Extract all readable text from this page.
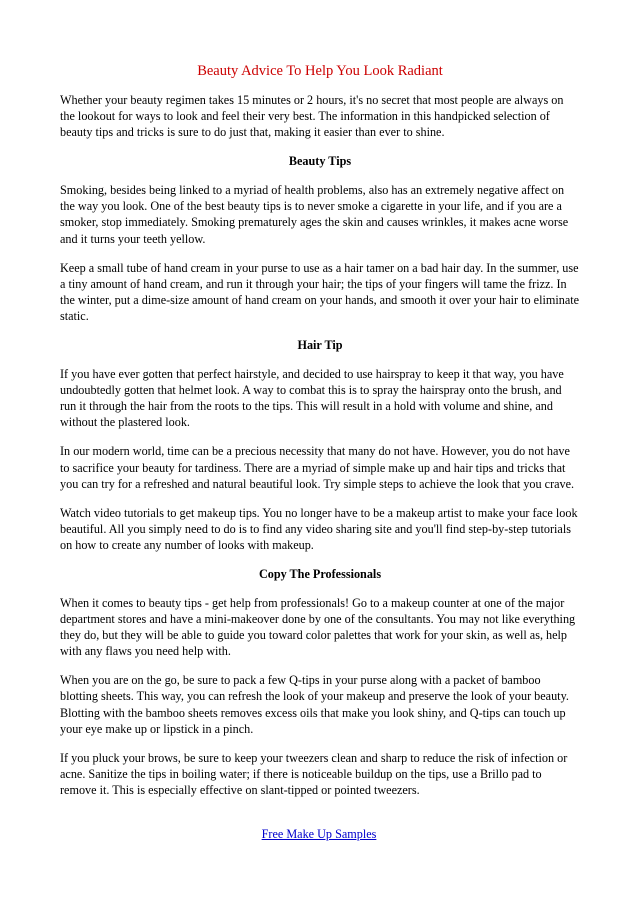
Beauty Advice To Help You Look Radiant

Whether your beauty regimen takes 15 minutes or 2 hours, it's no secret that most people are always on the lookout for ways to look and feel their very best. The information in this handpicked selection of beauty tips and tricks is sure to do just that, making it easier than ever to shine.

Beauty Tips

Smoking, besides being linked to a myriad of health problems, also has an extremely negative affect on the way you look. One of the best beauty tips is to never smoke a cigarette in your life, and if you are a smoker, stop immediately. Smoking prematurely ages the skin and causes wrinkles, it makes acne worse and it turns your teeth yellow.

Keep a small tube of hand cream in your purse to use as a hair tamer on a bad hair day. In the summer, use a tiny amount of hand cream, and run it through your hair; the tips of your fingers will tame the frizz. In the winter, put a dime-size amount of hand cream on your hands, and smooth it over your hair to eliminate static.

Hair Tip

If you have ever gotten that perfect hairstyle, and decided to use hairspray to keep it that way, you have undoubtedly gotten that helmet look. A way to combat this is to spray the hairspray onto the brush, and run it through the hair from the roots to the tips. This will result in a hold with volume and shine, and without the plastered look.

In our modern world, time can be a precious necessity that many do not have. However, you do not have to sacrifice your beauty for tardiness. There are a myriad of simple make up and hair tips and tricks that you can try for a refreshed and natural beautiful look. Try simple steps to achieve the look that you crave.

Watch video tutorials to get makeup tips. You no longer have to be a makeup artist to make your face look beautiful. All you simply need to do is to find any video sharing site and you'll find step-by-step tutorials on how to create any number of looks with makeup.

Copy The Professionals

When it comes to beauty tips - get help from professionals! Go to a makeup counter at one of the major department stores and have a mini-makeover done by one of the consultants. You may not like everything they do, but they will be able to guide you toward color palettes that work for your skin, as well as, help with any flaws you need help with.

When you are on the go, be sure to pack a few Q-tips in your purse along with a packet of bamboo blotting sheets. This way, you can refresh the look of your makeup and preserve the look of your beauty. Blotting with the bamboo sheets removes excess oils that make you look shiny, and Q-tips can touch up your eye make up or lipstick in a pinch.

If you pluck your brows, be sure to keep your tweezers clean and sharp to reduce the risk of infection or acne. Sanitize the tips in boiling water; if there is noticeable buildup on the tips, use a Brillo pad to remove it. This is especially effective on slant-tipped or pointed tweezers.

Free Make Up Samples
